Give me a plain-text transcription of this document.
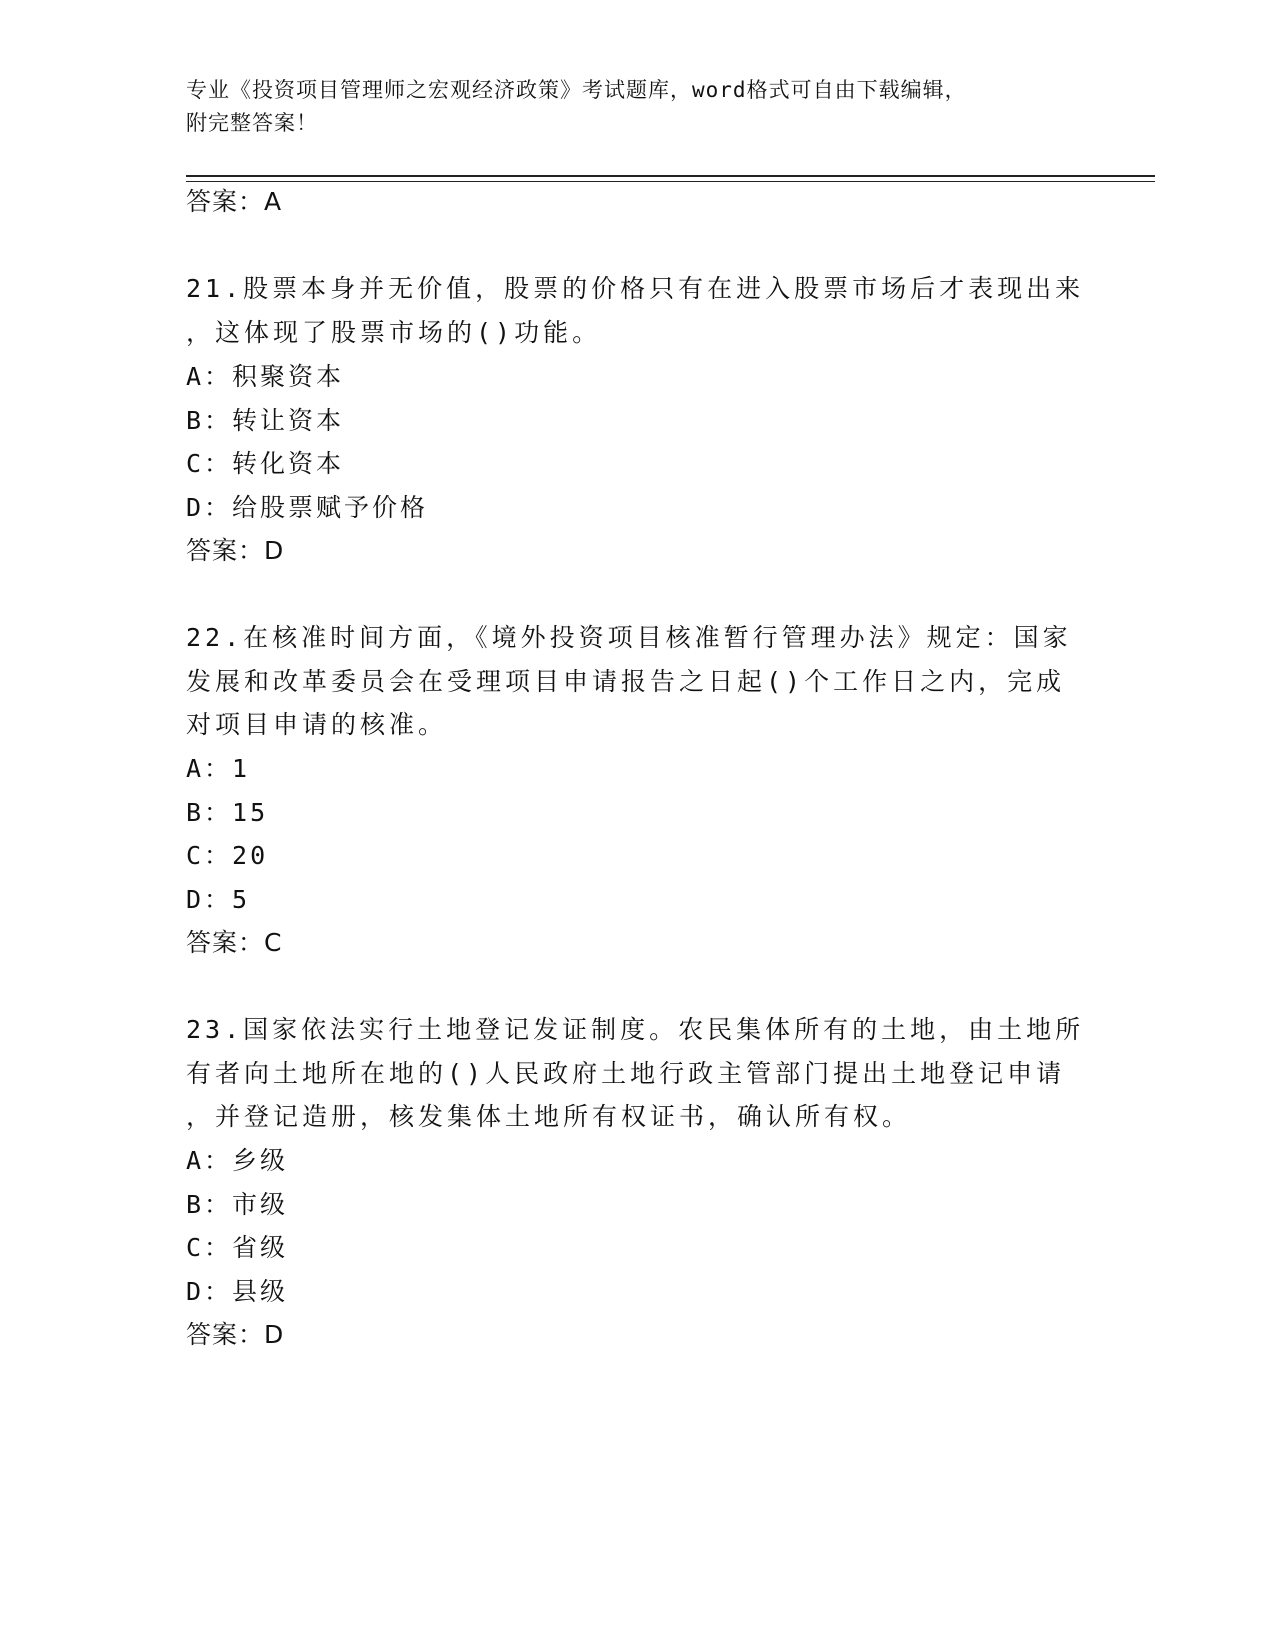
专业《投资项目管理师之宏观经济政策》考试题库，word格式可自由下载编辑，
附完整答案！
答案：A
21.股票本身并无价值，股票的价格只有在进入股票市场后才表现出来
，这体现了股票市场的()功能。
A：积聚资本
B：转让资本
C：转化资本
D：给股票赋予价格
答案：D
22.在核准时间方面，《境外投资项目核准暂行管理办法》规定：国家
发展和改革委员会在受理项目申请报告之日起()个工作日之内，完成
对项目申请的核准。
A：1
B：15
C：20
D：5
答案：C
23.国家依法实行土地登记发证制度。农民集体所有的土地，由土地所
有者向土地所在地的()人民政府土地行政主管部门提出土地登记申请
，并登记造册，核发集体土地所有权证书，确认所有权。
A：乡级
B：市级
C：省级
D：县级
答案：D
